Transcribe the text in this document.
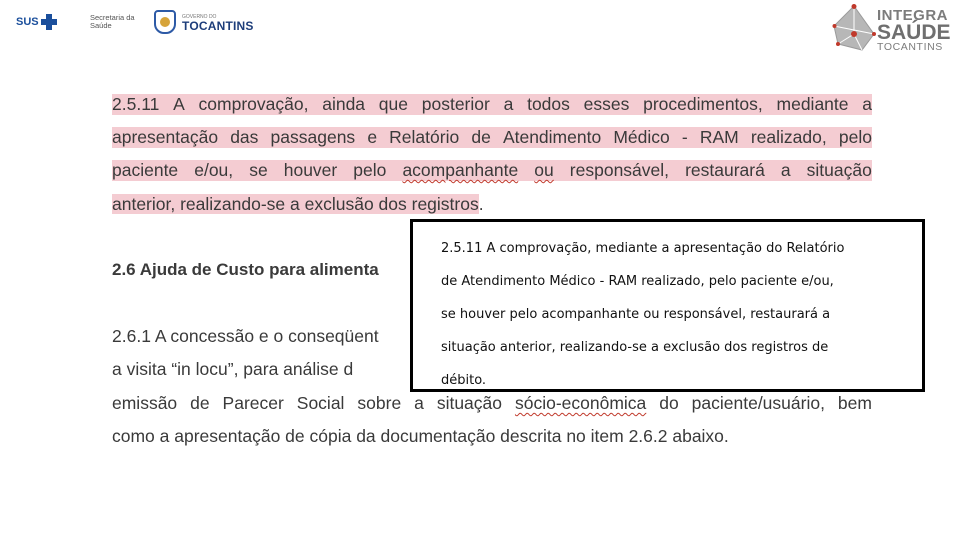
SUS	Secretaria da Saúde
GOVERNO DO
TOCANTINS
INTEGRA
SAÚDE
TOCANTINS
2.5.11 A comprovação, ainda que posterior a todos esses procedimentos, mediante a
apresentação das passagens e Relatório de Atendimento Médico - RAM realizado, pelo
paciente e/ou, se houver pelo acompanhante ou responsável, restaurará a situação
anterior, realizando-se a exclusão dos registros.
2.6 Ajuda de Custo para alimenta
2.6.1 A concessão e o conseqüent
a visita “in locu”, para análise d
emissão de Parecer Social sobre a situação sócio-econômica do paciente/usuário, bem
como a apresentação de cópia da documentação descrita no item 2.6.2 abaixo.
2.5.11 A comprovação, mediante a apresentação do Relatório
de Atendimento Médico - RAM realizado, pelo paciente e/ou,
se houver pelo acompanhante ou responsável, restaurará a
situação anterior, realizando-se a exclusão dos registros de
débito.
